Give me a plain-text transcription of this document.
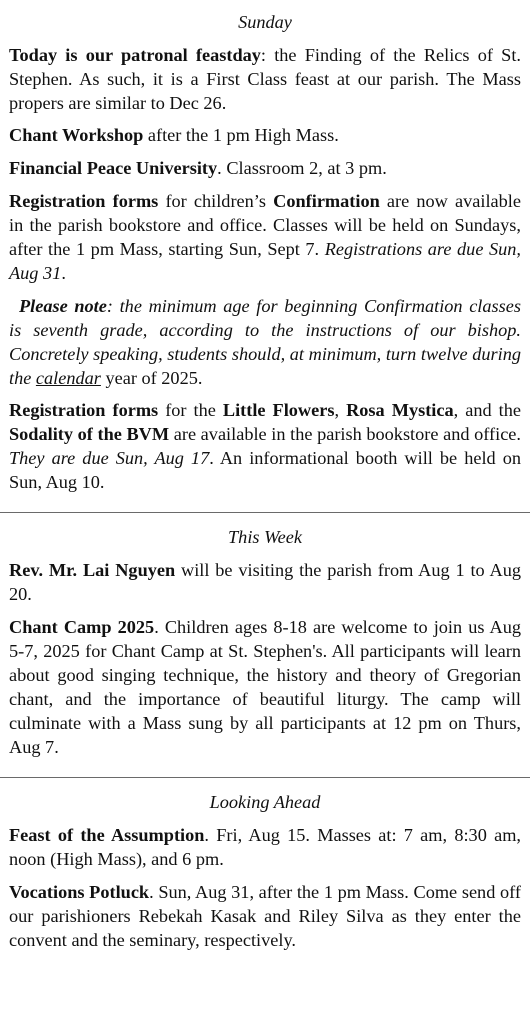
Sunday

Today is our patronal feastday: the Finding of the Relics of St. Stephen. As such, it is a First Class feast at our parish. The Mass propers are similar to Dec 26.

Chant Workshop after the 1 pm High Mass.

Financial Peace University. Classroom 2, at 3 pm.

Registration forms for children’s Confirmation are now available in the parish bookstore and office. Classes will be held on Sundays, after the 1 pm Mass, starting Sun, Sept 7. Registrations are due Sun, Aug 31.

Please note: the minimum age for beginning Confirmation classes is seventh grade, according to the instructions of our bishop. Concretely speaking, students should, at minimum, turn twelve during the calendar year of 2025.

Registration forms for the Little Flowers, Rosa Mystica, and the Sodality of the BVM are available in the parish bookstore and office. They are due Sun, Aug 17. An informational booth will be held on Sun, Aug 10.

This Week

Rev. Mr. Lai Nguyen will be visiting the parish from Aug 1 to Aug 20.

Chant Camp 2025. Children ages 8-18 are welcome to join us Aug 5-7, 2025 for Chant Camp at St. Stephen's. All participants will learn about good singing technique, the history and theory of Gregorian chant, and the importance of beautiful liturgy. The camp will culminate with a Mass sung by all participants at 12 pm on Thurs, Aug 7.

Looking Ahead

Feast of the Assumption. Fri, Aug 15. Masses at: 7 am, 8:30 am, noon (High Mass), and 6 pm.

Vocations Potluck. Sun, Aug 31, after the 1 pm Mass. Come send off our parishioners Rebekah Kasak and Riley Silva as they enter the convent and the seminary, respectively.
